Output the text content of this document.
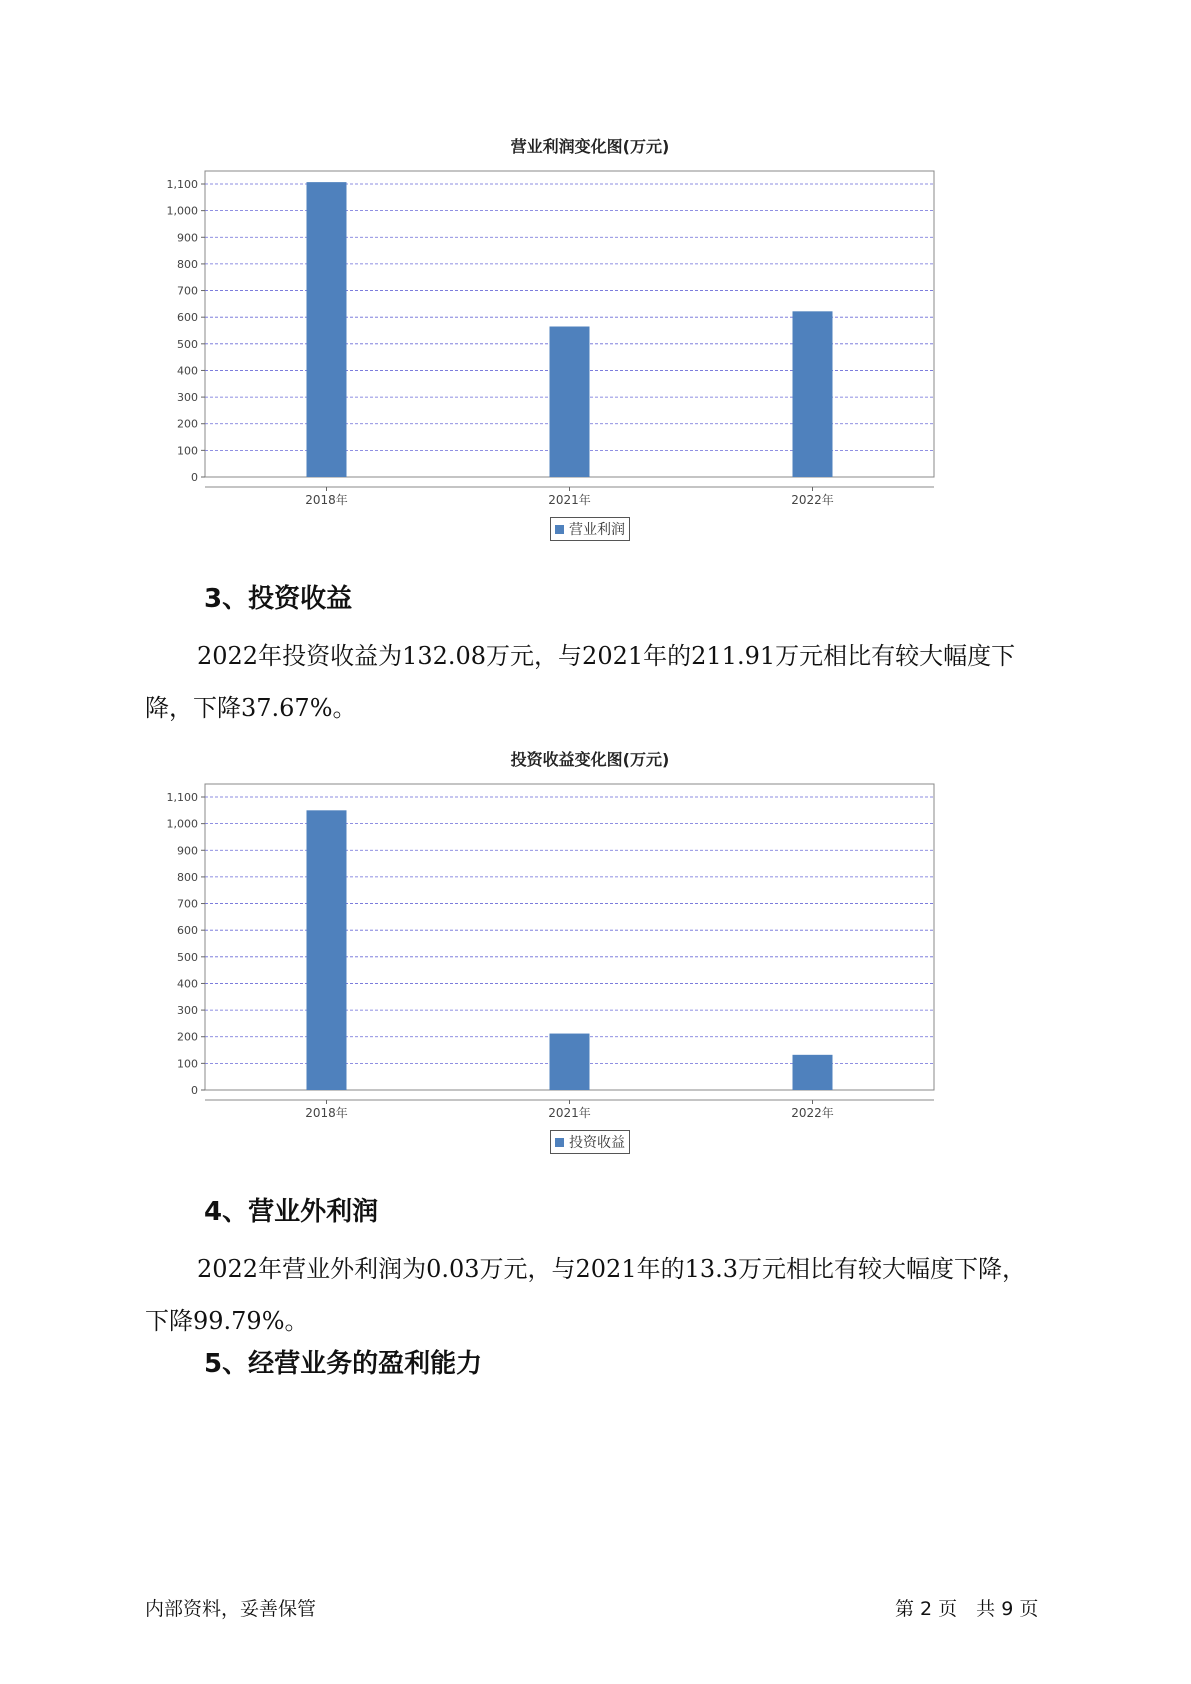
营业利润变化图(万元)
0
100
200
300
400
500
600
700
800
900
1,000
1,100
2018年	2021年	2022年
营业利润
3、投资收益
2022年投资收益为132.08万元，与2021年的211.91万元相比有较大幅度下降，下降37.67%。
投资收益变化图(万元)
0
100
200
300
400
500
600
700
800
900
1,000
1,100
2018年	2021年	2022年
投资收益
4、营业外利润
2022年营业外利润为0.03万元，与2021年的13.3万元相比有较大幅度下降，下降99.79%。
5、经营业务的盈利能力
内部资料，妥善保管	第 2 页　共 9 页
